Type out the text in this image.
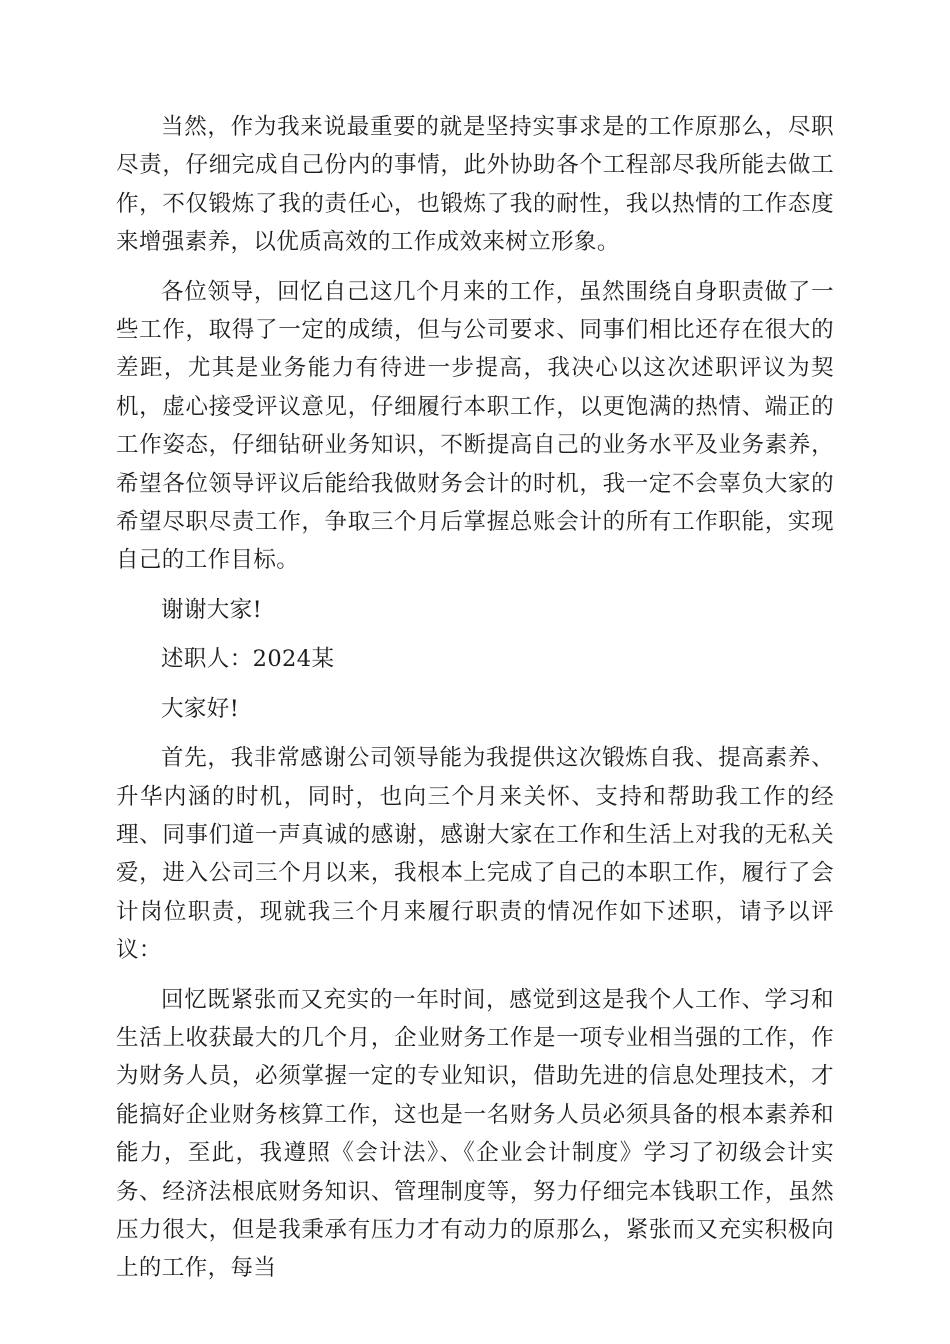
当然，作为我来说最重要的就是坚持实事求是的工作原那么，尽职尽责，仔细完成自己份内的事情，此外协助各个工程部尽我所能去做工作，不仅锻炼了我的责任心，也锻炼了我的耐性，我以热情的工作态度来增强素养，以优质高效的工作成效来树立形象。

各位领导，回忆自己这几个月来的工作，虽然围绕自身职责做了一些工作，取得了一定的成绩，但与公司要求、同事们相比还存在很大的差距，尤其是业务能力有待进一步提高，我决心以这次述职评议为契机，虚心接受评议意见，仔细履行本职工作，以更饱满的热情、端正的工作姿态，仔细钻研业务知识，不断提高自己的业务水平及业务素养，希望各位领导评议后能给我做财务会计的时机，我一定不会辜负大家的希望尽职尽责工作，争取三个月后掌握总账会计的所有工作职能，实现自己的工作目标。

谢谢大家!

述职人：2024某

大家好!

首先，我非常感谢公司领导能为我提供这次锻炼自我、提高素养、升华内涵的时机，同时，也向三个月来关怀、支持和帮助我工作的经理、同事们道一声真诚的感谢，感谢大家在工作和生活上对我的无私关爱，进入公司三个月以来，我根本上完成了自己的本职工作，履行了会计岗位职责，现就我三个月来履行职责的情况作如下述职，请予以评议：

回忆既紧张而又充实的一年时间，感觉到这是我个人工作、学习和生活上收获最大的几个月，企业财务工作是一项专业相当强的工作，作为财务人员，必须掌握一定的专业知识，借助先进的信息处理技术，才能搞好企业财务核算工作，这也是一名财务人员必须具备的根本素养和能力，至此，我遵照《会计法》、《企业会计制度》学习了初级会计实务、经济法根底财务知识、管理制度等，努力仔细完本钱职工作，虽然压力很大，但是我秉承有压力才有动力的原那么，紧张而又充实积极向上的工作，每当
